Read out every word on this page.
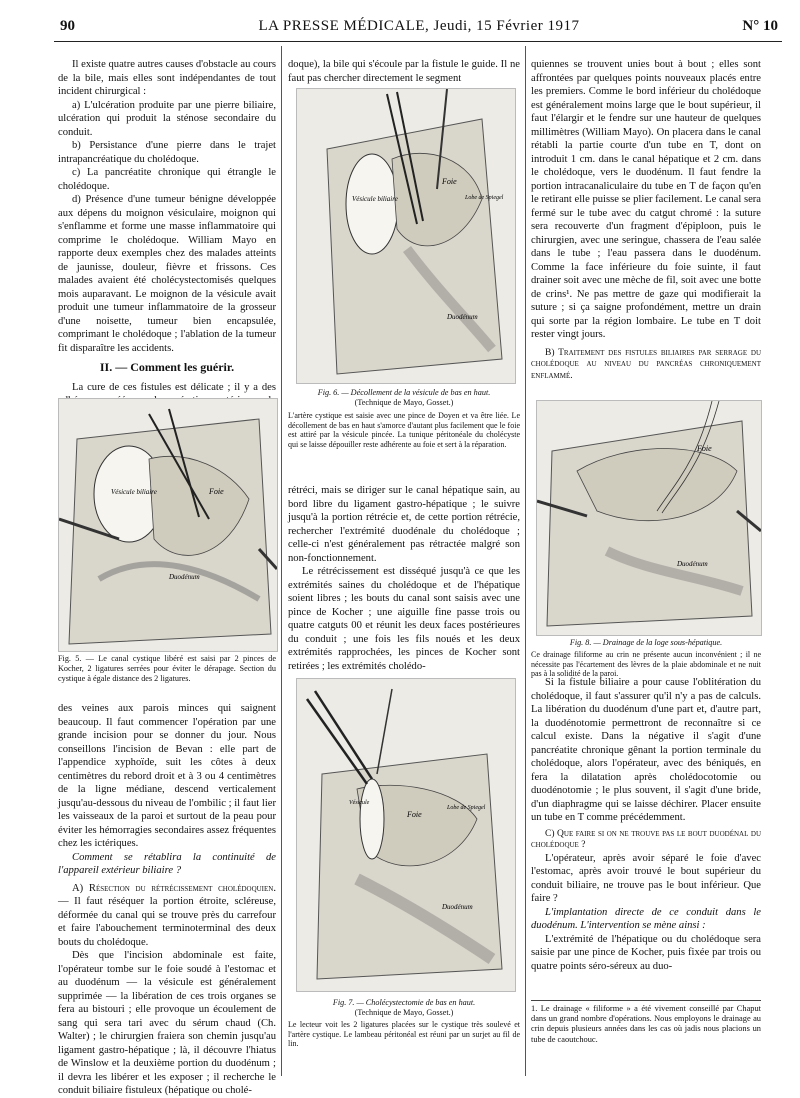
90	LA PRESSE MÉDICALE, Jeudi, 15 Février 1917	N° 10

Il existe quatre autres causes d'obstacle au cours de la bile, mais elles sont indépendantes de tout incident chirurgical :

a) L'ulcération produite par une pierre biliaire, ulcération qui produit la sténose secondaire du conduit.

b) Persistance d'une pierre dans le trajet intrapancréatique du cholédoque.

c) La pancréatite chronique qui étrangle le cholédoque.

d) Présence d'une tumeur bénigne développée aux dépens du moignon vésiculaire, moignon qui s'enflamme et forme une masse inflammatoire qui comprime le cholédoque. William Mayo en rapporte deux exemples chez des malades atteints de jaunisse, douleur, fièvre et frissons. Ces malades avaient été cholécystectomisés quelques mois auparavant. Le moignon de la vésicule avait produit une tumeur inflammatoire de la grosseur d'une noisette, tumeur bien encapsulée, comprimant le cholédoque ; l'ablation de la tumeur fit disparaître les accidents.

II. — Comment les guérir.

La cure de ces fistules est délicate ; il y a des

Vésicule biliaire	Foie
Duodénum
Fig. 5. — Le canal cystique libéré est saisi par 2 pinces de Kocher, 2 ligatures serrées pour éviter le dérapage. Section du cystique à égale distance des 2 ligatures.

des veines aux parois minces qui saignent beaucoup. Il faut commencer l'opération par une grande incision pour se donner du jour. Nous conseillons l'incision de Bevan : elle part de l'appendice xyphoïde, suit les côtes à deux centimètres du rebord droit et à 3 ou 4 centimètres de la ligne médiane, descend verticalement jusqu'au-dessous du niveau de l'ombilic ; il faut lier les vaisseaux de la paroi et surtout de la peau pour éviter les hémorragies secondaires assez fréquentes chez les ictériques.

Comment se rétablira la continuité de l'appareil extérieur biliaire ?

A) Résection du rétrécissement cholédoquien. — Il faut réséquer la portion étroite, scléreuse, déformée du canal qui se trouve près du carrefour et faire l'abouchement terminoterminal des deux bouts du cholédoque.

Dès que l'incision abdominale est faite, l'opérateur tombe sur le foie soudé à l'estomac et au duodénum — la vésicule est généralement supprimée — la libération de ces trois organes se fera au bistouri ; elle provoque un écoulement de sang qui sera tari avec du sérum chaud (Ch. Walter) ; le chirurgien fraiera son chemin jusqu'au ligament gastro-hépatique ; là, il découvre l'hiatus de Winslow et la deuxième portion du duodénum ; il devra les libérer et les exposer ; il recherche le conduit biliaire fistuleux (hépatique ou cholé-

doque), la bile qui s'écoule par la fistule le guide. Il ne faut pas chercher directement le segment

Vésicule biliaire
Foie
Lobe de Spiegel
Duodénum
Fig. 6. — Décollement de la vésicule de bas en haut.
(Technique de Mayo, Gosset.)
L'artère cystique est saisie avec une pince de Doyen et va être liée. Le décollement de bas en haut s'amorce d'autant plus facilement que le foie est attiré par la vésicule pincée. La tunique péritonéale du cholécyste qui se laisse dépouiller reste adhérente au foie et sert à la réparation.

rétréci, mais se diriger sur le canal hépatique sain, au bord libre du ligament gastro-hépatique ; le suivre jusqu'à la portion rétrécie et, de cette portion rétrécie, rechercher l'extrémité duodénale du cholédoque ; celle-ci n'est généralement pas rétractée malgré son non-fonctionnement.

Le rétrécissement est disséqué jusqu'à ce que les extrémités saines du cholédoque et de l'hépatique soient libres ; les bouts du canal sont saisis avec une pince de Kocher ; une aiguille fine passe trois ou quatre catguts 00 et réunit les deux faces postérieures du conduit ; une fois les fils noués et les deux extrémités rapprochées, les pinces de Kocher sont retirées ; les extrémités cholédo-

Foie
Vésicule
Lobe de Spiegel
Duodénum
Fig. 7. — Cholécystectomie de bas en haut.
(Technique de Mayo, Gosset.)
Le lecteur voit les 2 ligatures placées sur le cystique très soulevé et l'artère cystique. Le lambeau péritonéal est réuni par un surjet au fil de lin.

quiennes se trouvent unies bout à bout ; elles sont affrontées par quelques points nouveaux placés entre les premiers. Comme le bord inférieur du cholédoque est généralement moins large que le bout supérieur, il faut l'élargir et le fendre sur une hauteur de quelques millimètres (William Mayo). On placera dans le canal rétabli la partie courte d'un tube en T, dont on introduit 1 cm. dans le canal hépatique et 2 cm. dans le cholédoque, vers le duodénum. Il faut fendre la portion intracanaliculaire du tube en T de façon qu'en le retirant elle puisse se plier facilement. Le canal sera fermé sur le tube avec du catgut chromé : la suture sera recouverte d'un fragment d'épiploon, puis le chirurgien, avec une seringue, chassera de l'eau salée dans le tube ; l'eau passera dans le duodénum. Comme la face inférieure du foie suinte, il faut drainer soit avec une mèche de fil, soit avec une botte de crins¹. Ne pas mettre de gaze qui modifierait la suture ; si ça saigne profondément, mettre un drain qui sorte par la région lombaire. Le tube en T doit rester vingt jours.

B) Traitement des fistules biliaires par serrage du cholédoque au niveau du pancréas chroniquement enflammé.

Foie
Duodénum
Fig. 8. — Drainage de la loge sous-hépatique.
Ce drainage filiforme au crin ne présente aucun inconvénient ; il ne nécessite pas l'écartement des lèvres de la plaie abdominale et ne nuit pas à la solidité de la paroi.

Si la fistule biliaire a pour cause l'oblitération du cholédoque, il faut s'assurer qu'il n'y a pas de calculs. La libération du duodénum d'une part et, d'autre part, la duodénotomie permettront de reconnaître si ce calcul existe. Dans la négative il s'agit d'une pancréatite chronique gênant la portion terminale du cholédoque, alors l'opérateur, avec des béniqués, en fera la dilatation après cholédocotomie ou duodénotomie ; le plus souvent, il s'agit d'une bride, d'un diaphragme qui se laisse déchirer. Placer ensuite un tube en T comme précédemment.

C) Que faire si on ne trouve pas le bout duodénal du cholédoque ?

L'opérateur, après avoir séparé le foie d'avec l'estomac, après avoir trouvé le bout supérieur du conduit biliaire, ne trouve pas le bout inférieur. Que faire ?

L'implantation directe de ce conduit dans le duodénum. L'intervention se mène ainsi :

L'extrémité de l'hépatique ou du cholédoque sera saisie par une pince de Kocher, puis fixée par trois ou quatre points séro-séreux au duo-

1. Le drainage « filiforme » a été vivement conseillé par Chaput dans un grand nombre d'opérations. Nous employons le drainage au crin depuis plusieurs années dans les cas où jadis nous placions un tube de caoutchouc.
